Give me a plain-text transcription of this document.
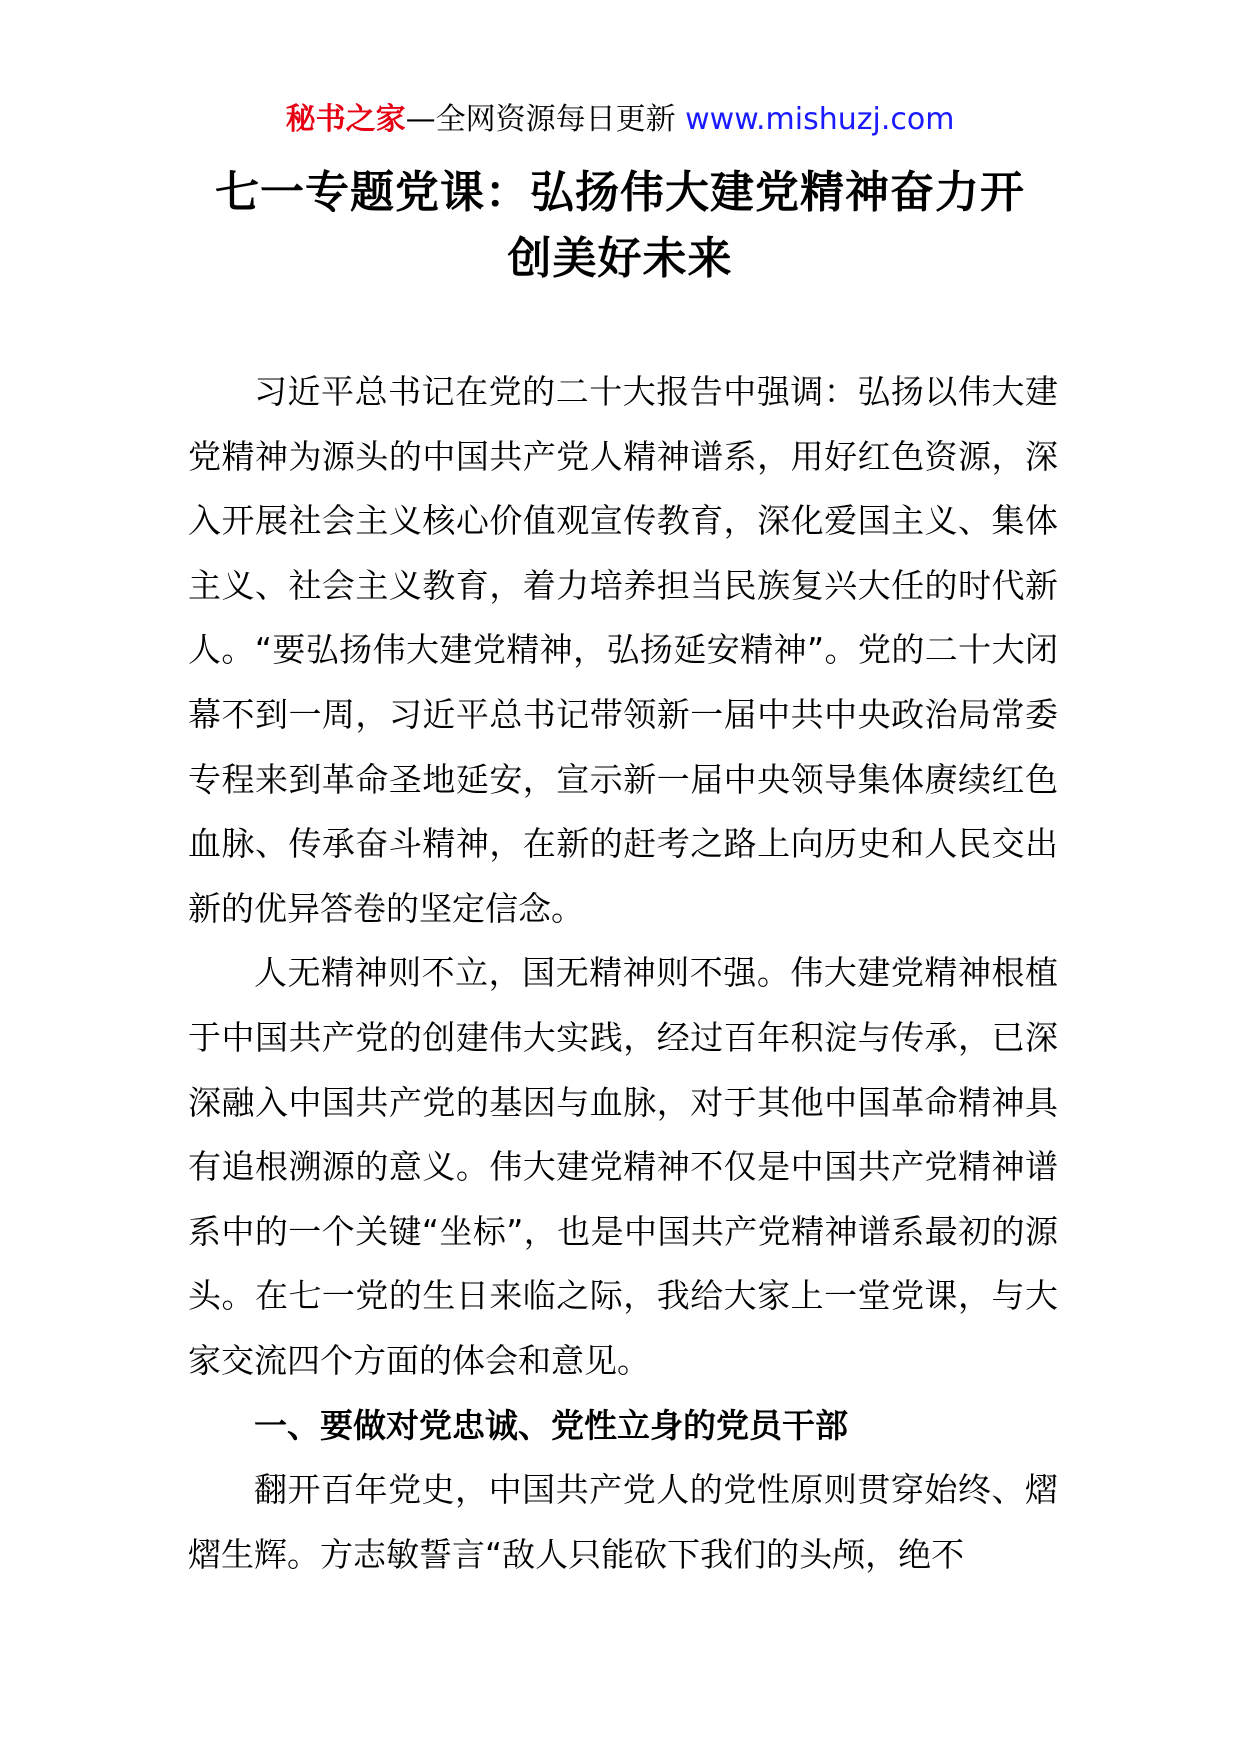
秘书之家—全网资源每日更新 www.mishuzj.com
七一专题党课：弘扬伟大建党精神奋力开
创美好未来

习近平总书记在党的二十大报告中强调：弘扬以伟大建党精神为源头的中国共产党人精神谱系，用好红色资源，深入开展社会主义核心价值观宣传教育，深化爱国主义、集体主义、社会主义教育，着力培养担当民族复兴大任的时代新人。“要弘扬伟大建党精神，弘扬延安精神”。党的二十大闭幕不到一周，习近平总书记带领新一届中共中央政治局常委专程来到革命圣地延安，宣示新一届中央领导集体赓续红色血脉、传承奋斗精神，在新的赶考之路上向历史和人民交出新的优异答卷的坚定信念。

人无精神则不立，国无精神则不强。伟大建党精神根植于中国共产党的创建伟大实践，经过百年积淀与传承，已深深融入中国共产党的基因与血脉，对于其他中国革命精神具有追根溯源的意义。伟大建党精神不仅是中国共产党精神谱系中的一个关键“坐标”，也是中国共产党精神谱系最初的源头。在七一党的生日来临之际，我给大家上一堂党课，与大家交流四个方面的体会和意见。

一、要做对党忠诚、党性立身的党员干部

翻开百年党史，中国共产党人的党性原则贯穿始终、熠熠生辉。方志敏誓言“敌人只能砍下我们的头颅，绝不
